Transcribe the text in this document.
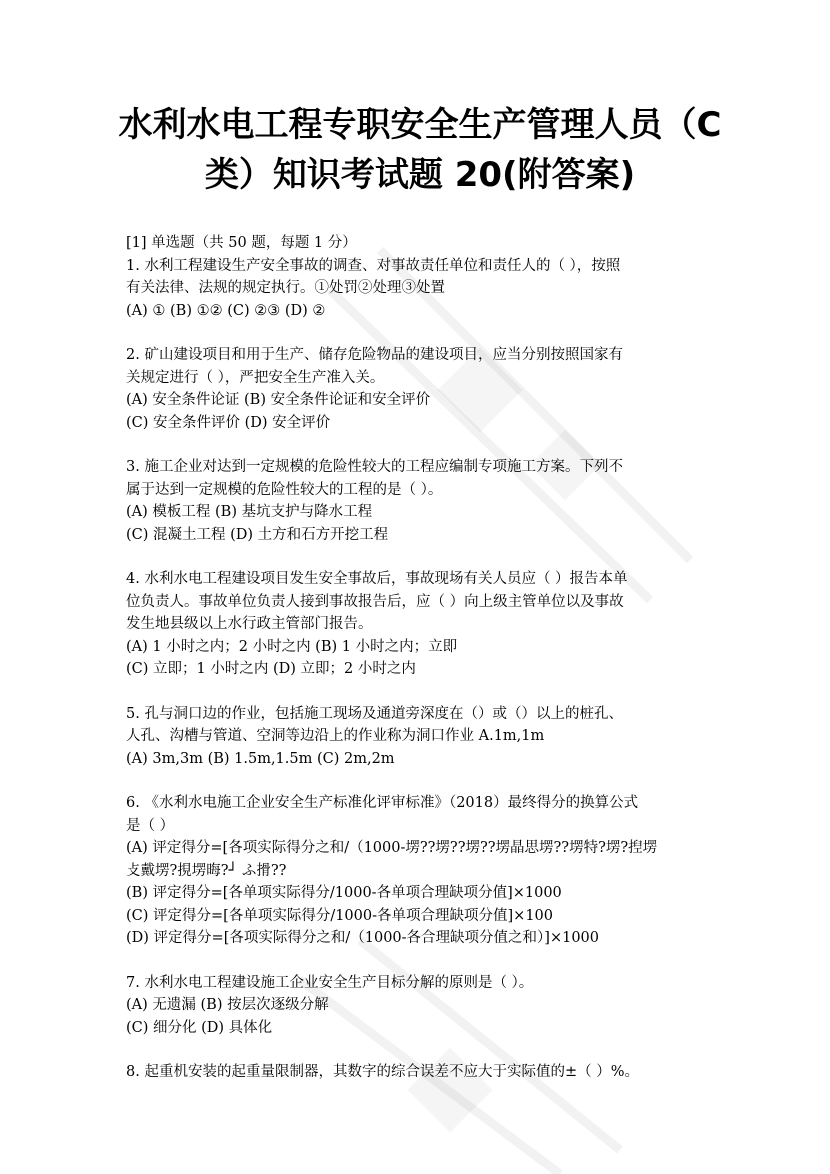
水利水电工程专职安全生产管理人员（C
类）知识考试题 20(附答案)
[1] 单选题（共 50 题，每题 1 分）
1. 水利工程建设生产安全事故的调查、对事故责任单位和责任人的（ ），按照
有关法律、法规的规定执行。①处罚②处理③处置
(A) ① (B) ①② (C) ②③ (D) ②
2. 矿山建设项目和用于生产、储存危险物品的建设项目，应当分别按照国家有
关规定进行（ ），严把安全生产准入关。
(A) 安全条件论证 (B) 安全条件论证和安全评价
(C) 安全条件评价 (D) 安全评价
3. 施工企业对达到一定规模的危险性较大的工程应编制专项施工方案。下列不
属于达到一定规模的危险性较大的工程的是（ ）。
(A) 模板工程 (B) 基坑支护与降水工程
(C) 混凝土工程 (D) 土方和石方开挖工程
4. 水利水电工程建设项目发生安全事故后，事故现场有关人员应（ ）报告本单
位负责人。事故单位负责人接到事故报告后，应（ ）向上级主管单位以及事故
发生地县级以上水行政主管部门报告。
(A) 1 小时之内；2 小时之内 (B) 1 小时之内；立即
(C) 立即；1 小时之内 (D) 立即；2 小时之内
5. 孔与洞口边的作业，包括施工现场及通道旁深度在（）或（）以上的桩孔、
人孔、沟槽与管道、空洞等边沿上的作业称为洞口作业 A.1m,1m
(A) 3m,3m (B) 1.5m,1.5m (C) 2m,2m
6. 《水利水电施工企业安全生产标准化评审标准》（2018）最终得分的换算公式
是（ ）
(A) 评定得分=[各项实际得分之和/（1000-塄??塄??塄??塄晶思塄??塄特?塄?揑塄
攴戴塄?挸塄晦?┘ ふ搰??
(B) 评定得分=[各单项实际得分/1000-各单项合理缺项分值]×1000
(C) 评定得分=[各单项实际得分/1000-各单项合理缺项分值]×100
(D) 评定得分=[各项实际得分之和/（1000-各合理缺项分值之和）]×1000
7. 水利水电工程建设施工企业安全生产目标分解的原则是（ ）。
(A) 无遗漏 (B) 按层次逐级分解
(C) 细分化 (D) 具体化
8. 起重机安装的起重量限制器，其数字的综合误差不应大于实际值的±（ ）%。
